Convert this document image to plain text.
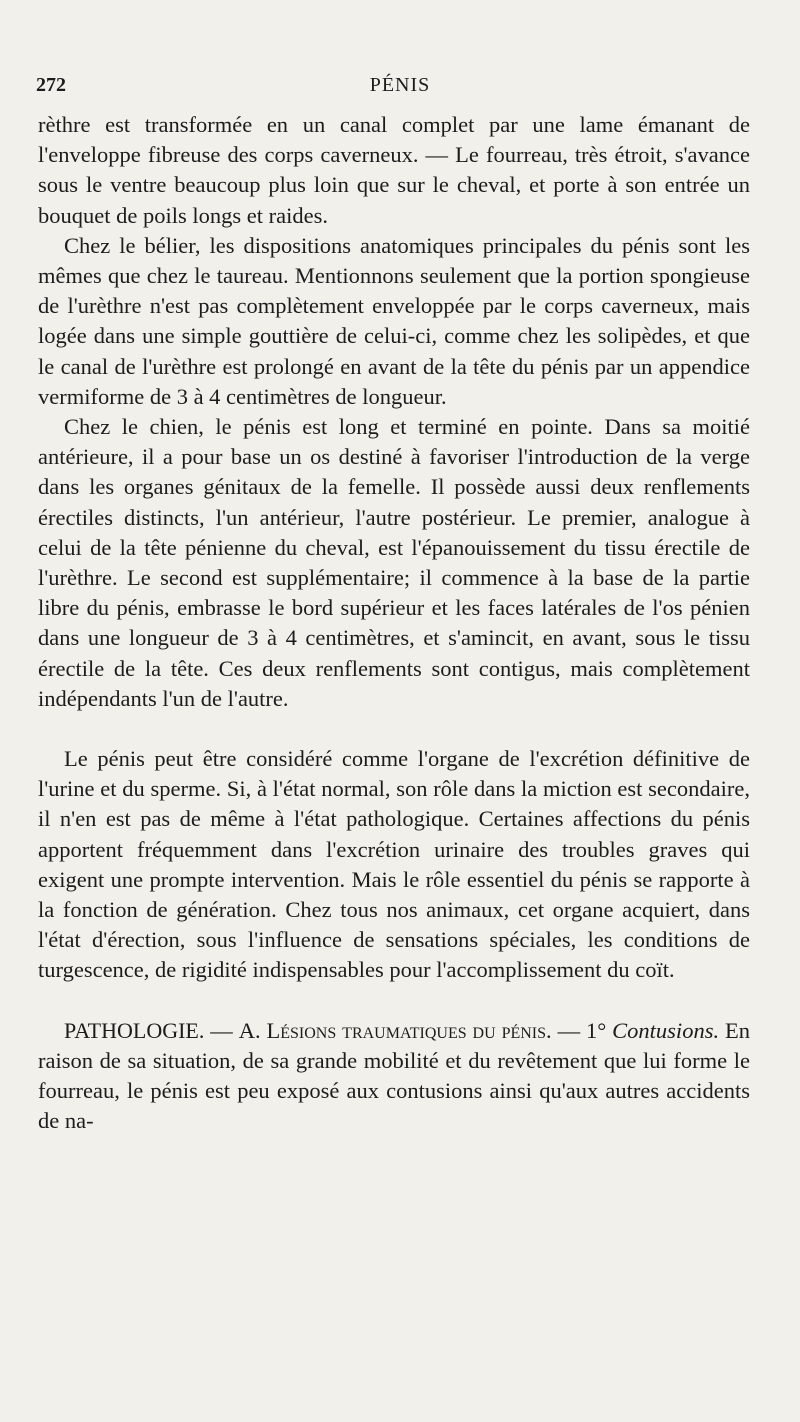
272	PÉNIS

rèthre est transformée en un canal complet par une lame émanant de l'enveloppe fibreuse des corps caverneux. — Le fourreau, très étroit, s'avance sous le ventre beaucoup plus loin que sur le cheval, et porte à son entrée un bouquet de poils longs et raides.

Chez le bélier, les dispositions anatomiques principales du pénis sont les mêmes que chez le taureau. Mentionnons seulement que la portion spongieuse de l'urèthre n'est pas complètement enveloppée par le corps caverneux, mais logée dans une simple gouttière de celui-ci, comme chez les solipèdes, et que le canal de l'urèthre est prolongé en avant de la tête du pénis par un appendice vermiforme de 3 à 4 centimètres de longueur.

Chez le chien, le pénis est long et terminé en pointe. Dans sa moitié antérieure, il a pour base un os destiné à favoriser l'introduction de la verge dans les organes génitaux de la femelle. Il possède aussi deux renflements érectiles distincts, l'un antérieur, l'autre postérieur. Le premier, analogue à celui de la tête pénienne du cheval, est l'épanouissement du tissu érectile de l'urèthre. Le second est supplémentaire; il commence à la base de la partie libre du pénis, embrasse le bord supérieur et les faces latérales de l'os pénien dans une longueur de 3 à 4 centimètres, et s'amincit, en avant, sous le tissu érectile de la tête. Ces deux renflements sont contigus, mais complètement indépendants l'un de l'autre.

Le pénis peut être considéré comme l'organe de l'excrétion définitive de l'urine et du sperme. Si, à l'état normal, son rôle dans la miction est secondaire, il n'en est pas de même à l'état pathologique. Certaines affections du pénis apportent fréquemment dans l'excrétion urinaire des troubles graves qui exigent une prompte intervention. Mais le rôle essentiel du pénis se rapporte à la fonction de génération. Chez tous nos animaux, cet organe acquiert, dans l'état d'érection, sous l'influence de sensations spéciales, les conditions de turgescence, de rigidité indispensables pour l'accomplissement du coït.

PATHOLOGIE. — A. Lésions traumatiques du pénis. — 1° Contusions. En raison de sa situation, de sa grande mobilité et du revêtement que lui forme le fourreau, le pénis est peu exposé aux contusions ainsi qu'aux autres accidents de na-
